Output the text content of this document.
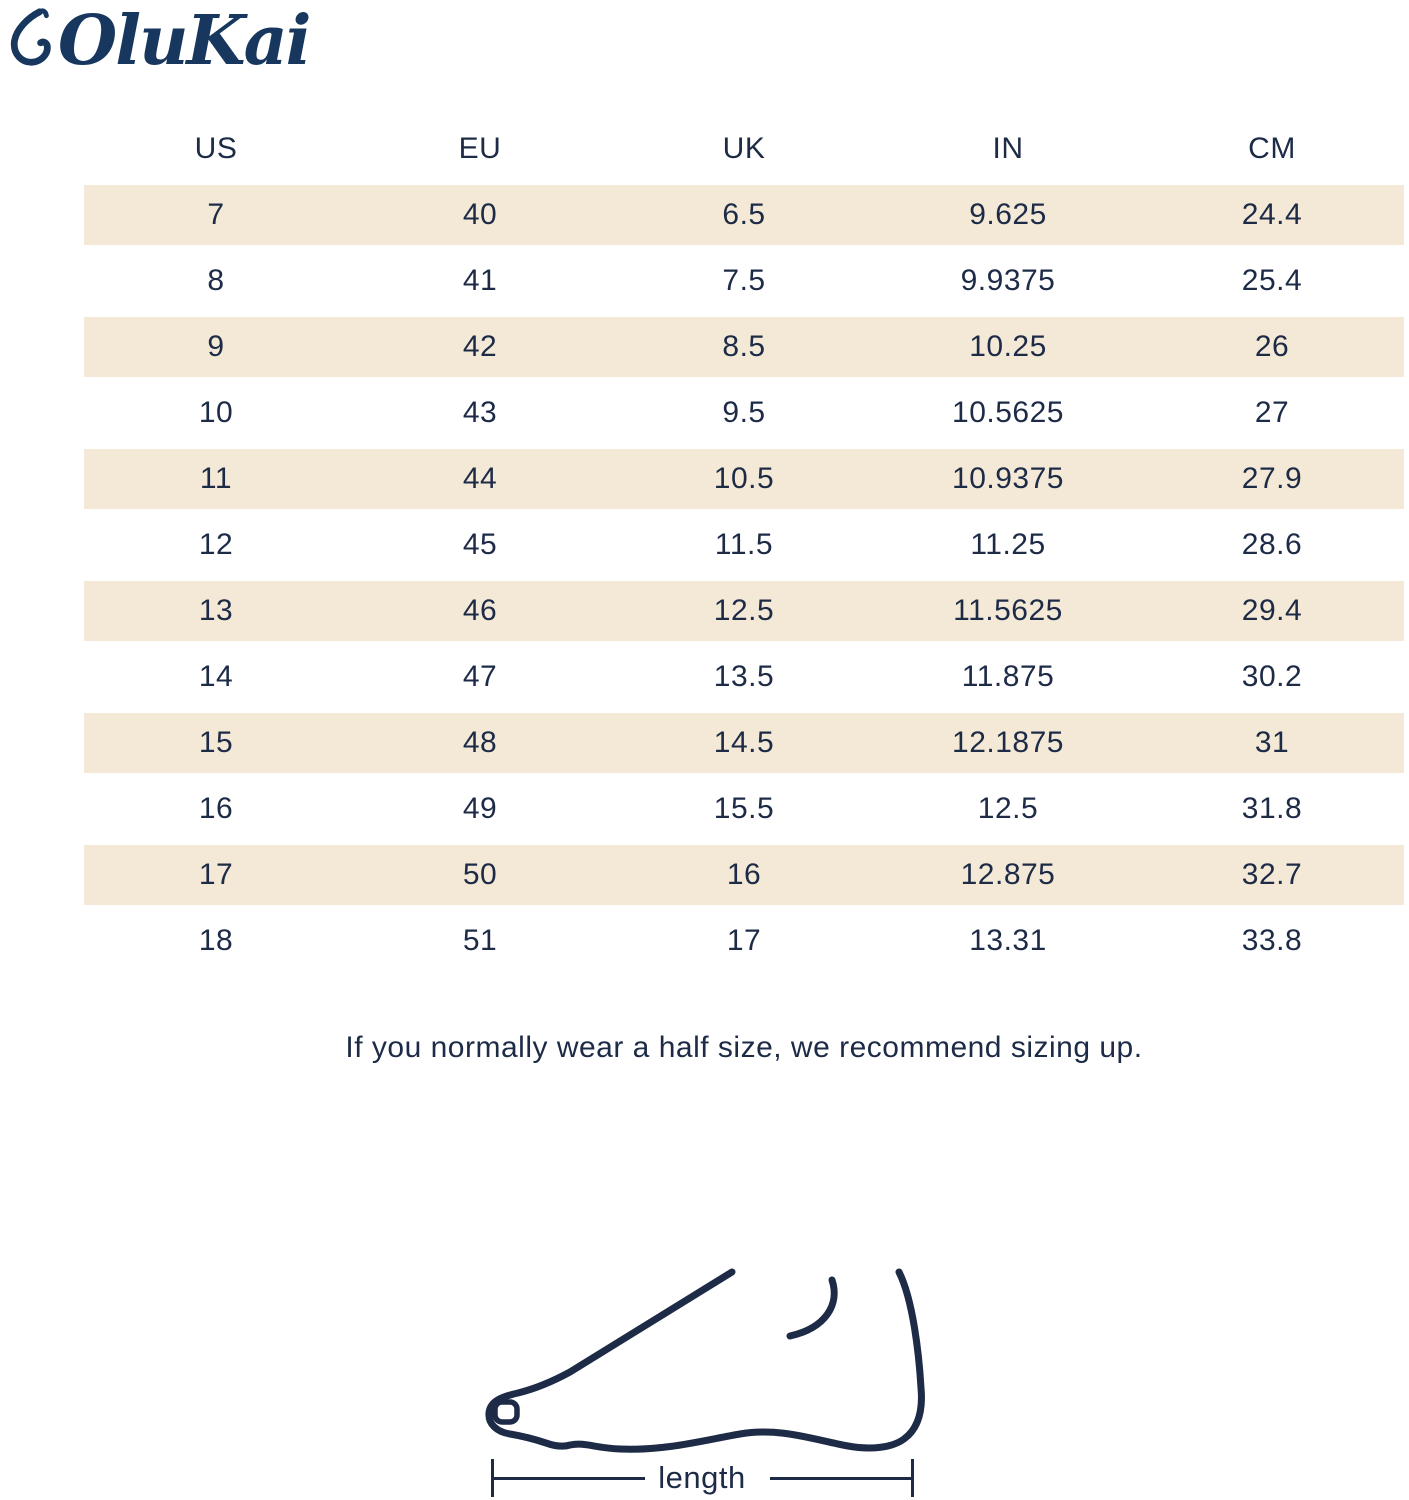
OluKai
US	EU	UK	IN	CM
7	40	6.5	9.625	24.4
8	41	7.5	9.9375	25.4
9	42	8.5	10.25	26
10	43	9.5	10.5625	27
11	44	10.5	10.9375	27.9
12	45	11.5	11.25	28.6
13	46	12.5	11.5625	29.4
14	47	13.5	11.875	30.2
15	48	14.5	12.1875	31
16	49	15.5	12.5	31.8
17	50	16	12.875	32.7
18	51	17	13.31	33.8
If you normally wear a half size, we recommend sizing up.
length
